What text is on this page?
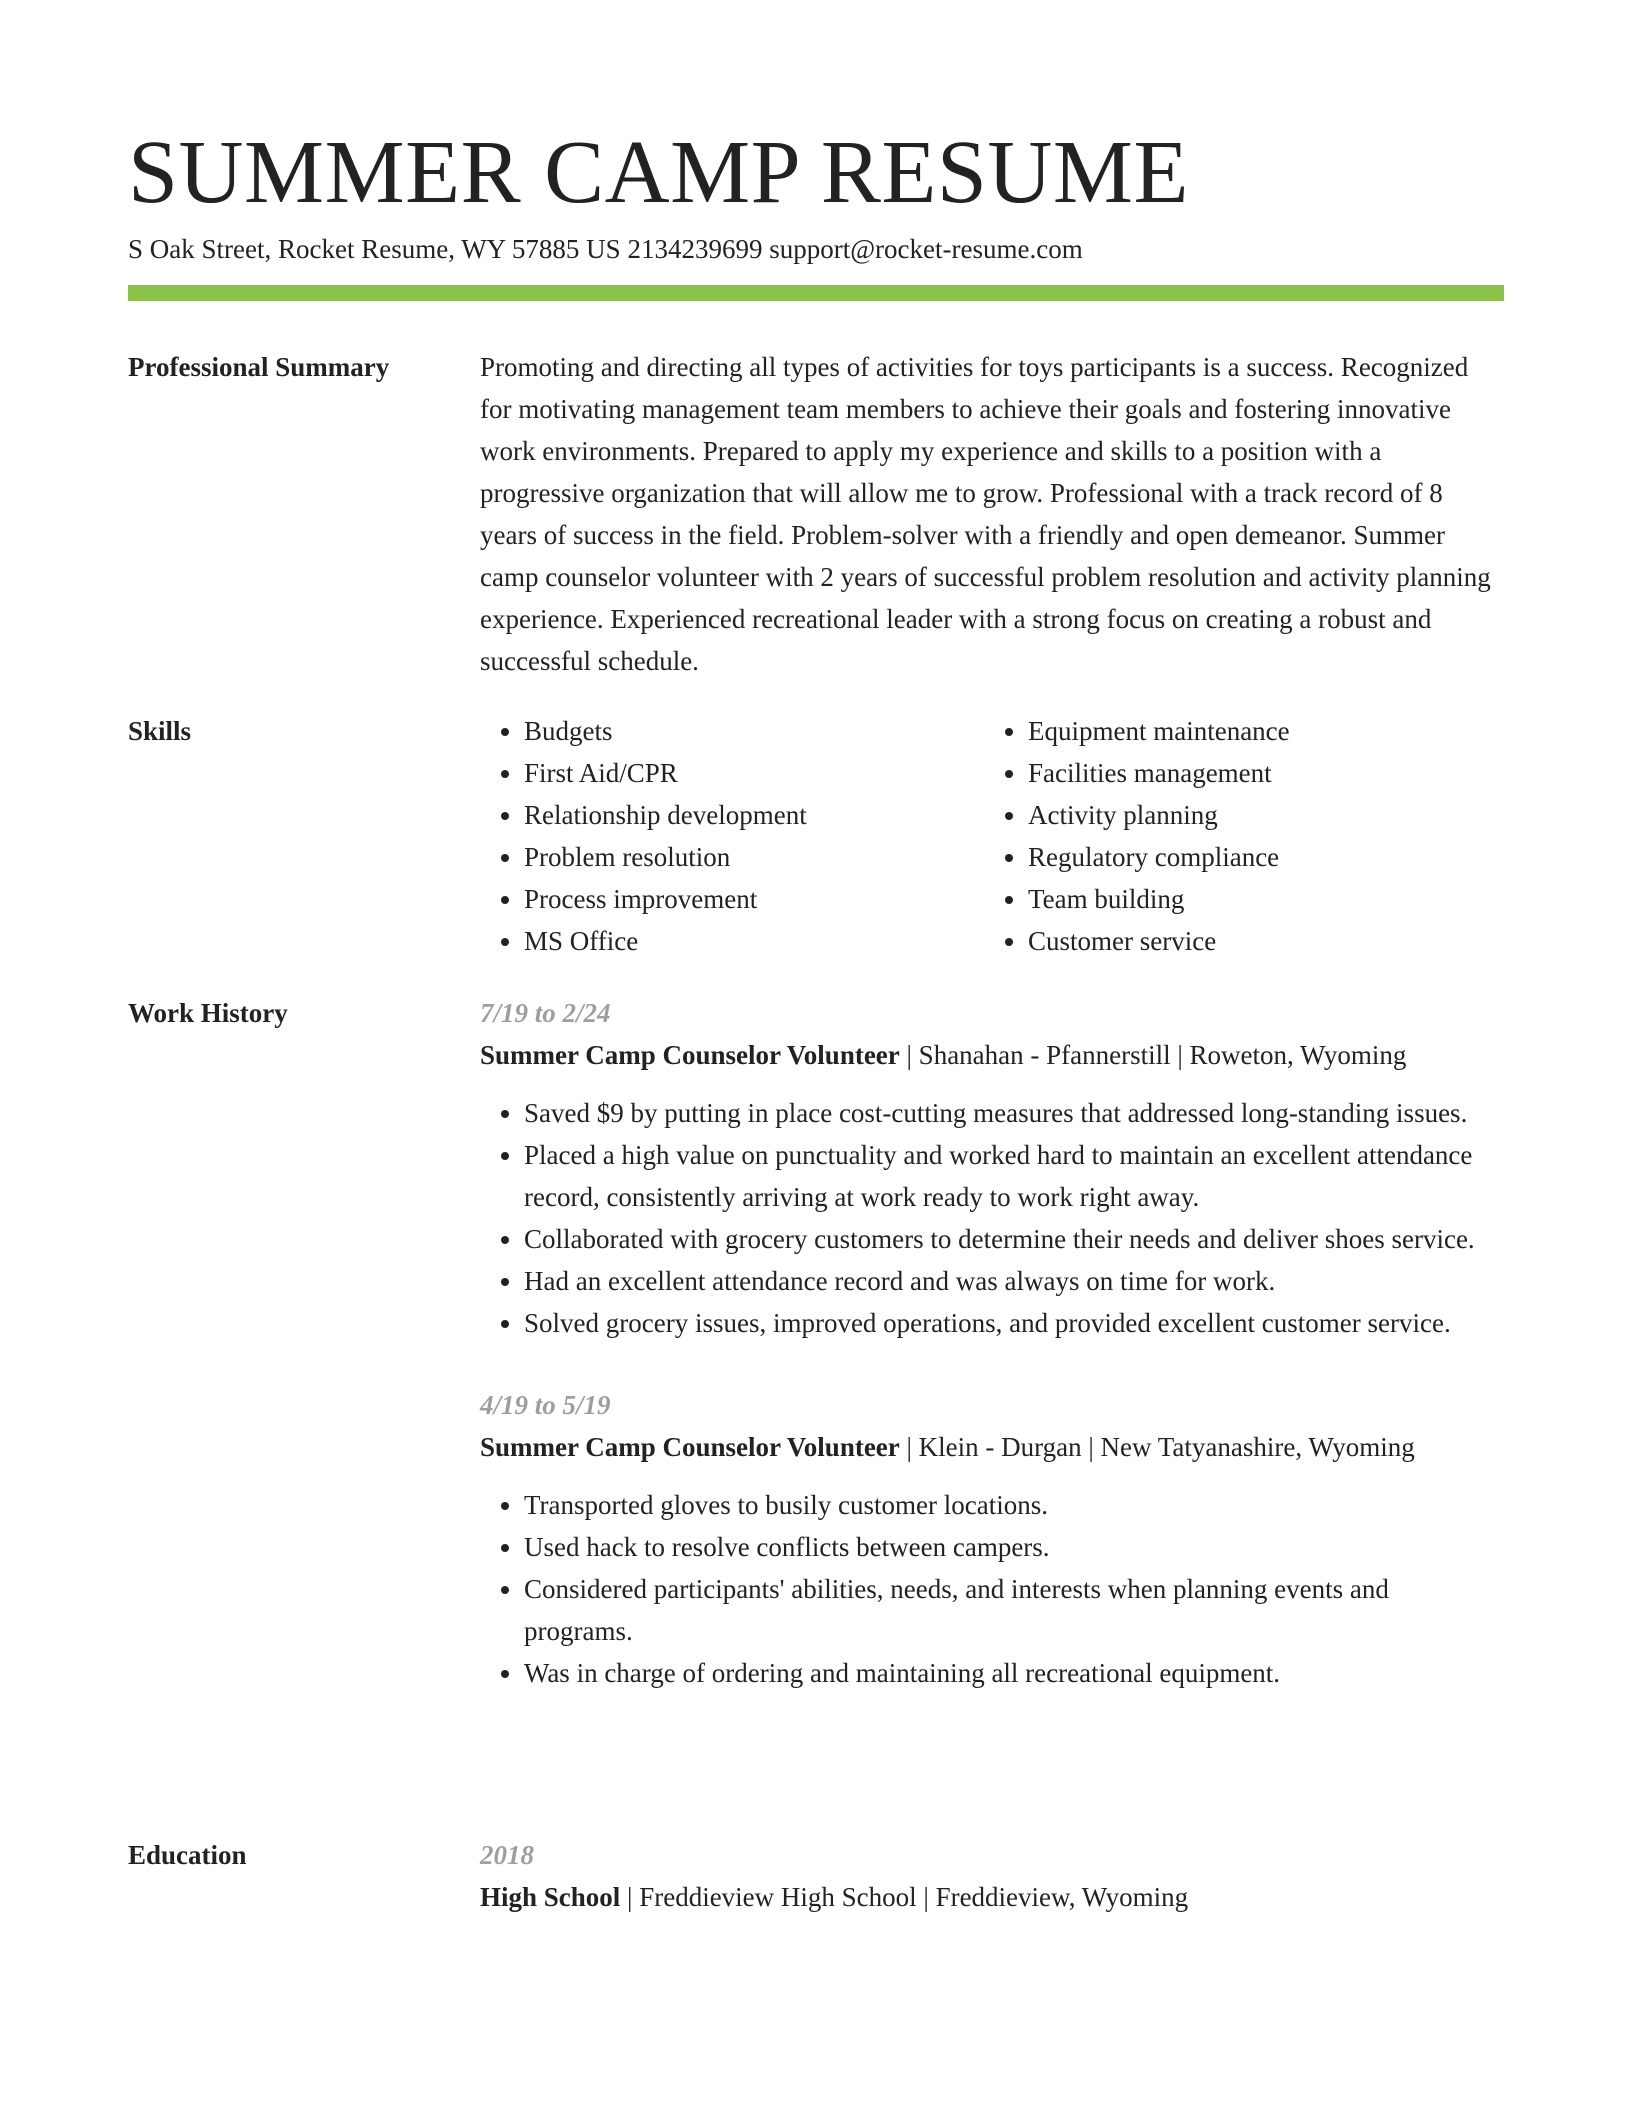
SUMMER CAMP RESUME
S Oak Street, Rocket Resume, WY 57885 US 2134239699 support@rocket-resume.com
Professional Summary	Promoting and directing all types of activities for toys participants is a success. Recognized for motivating management team members to achieve their goals and fostering innovative work environments. Prepared to apply my experience and skills to a position with a progressive organization that will allow me to grow. Professional with a track record of 8 years of success in the field. Problem-solver with a friendly and open demeanor. Summer camp counselor volunteer with 2 years of successful problem resolution and activity planning experience. Experienced recreational leader with a strong focus on creating a robust and successful schedule.

Skills
•	Budgets
• First Aid/CPR
• Relationship development
• Problem resolution
• Process improvement
• MS Office
• Equipment maintenance
• Facilities management
• Activity planning
• Regulatory compliance
• Team building
• Customer service
Work History	7/19 to 2/24
Summer Camp Counselor Volunteer | Shanahan - Pfannerstill | Roweton, Wyoming
• Saved $9 by putting in place cost-cutting measures that addressed long-standing issues.
• Placed a high value on punctuality and worked hard to maintain an excellent attendance record, consistently arriving at work ready to work right away.
• Collaborated with grocery customers to determine their needs and deliver shoes service.
• Had an excellent attendance record and was always on time for work.
• Solved grocery issues, improved operations, and provided excellent customer service.
4/19 to 5/19
Summer Camp Counselor Volunteer | Klein - Durgan | New Tatyanashire, Wyoming
• Transported gloves to busily customer locations.
• Used hack to resolve conflicts between campers.
• Considered participants' abilities, needs, and interests when planning events and programs.
• Was in charge of ordering and maintaining all recreational equipment.
Education	2018
High School | Freddieview High School | Freddieview, Wyoming
